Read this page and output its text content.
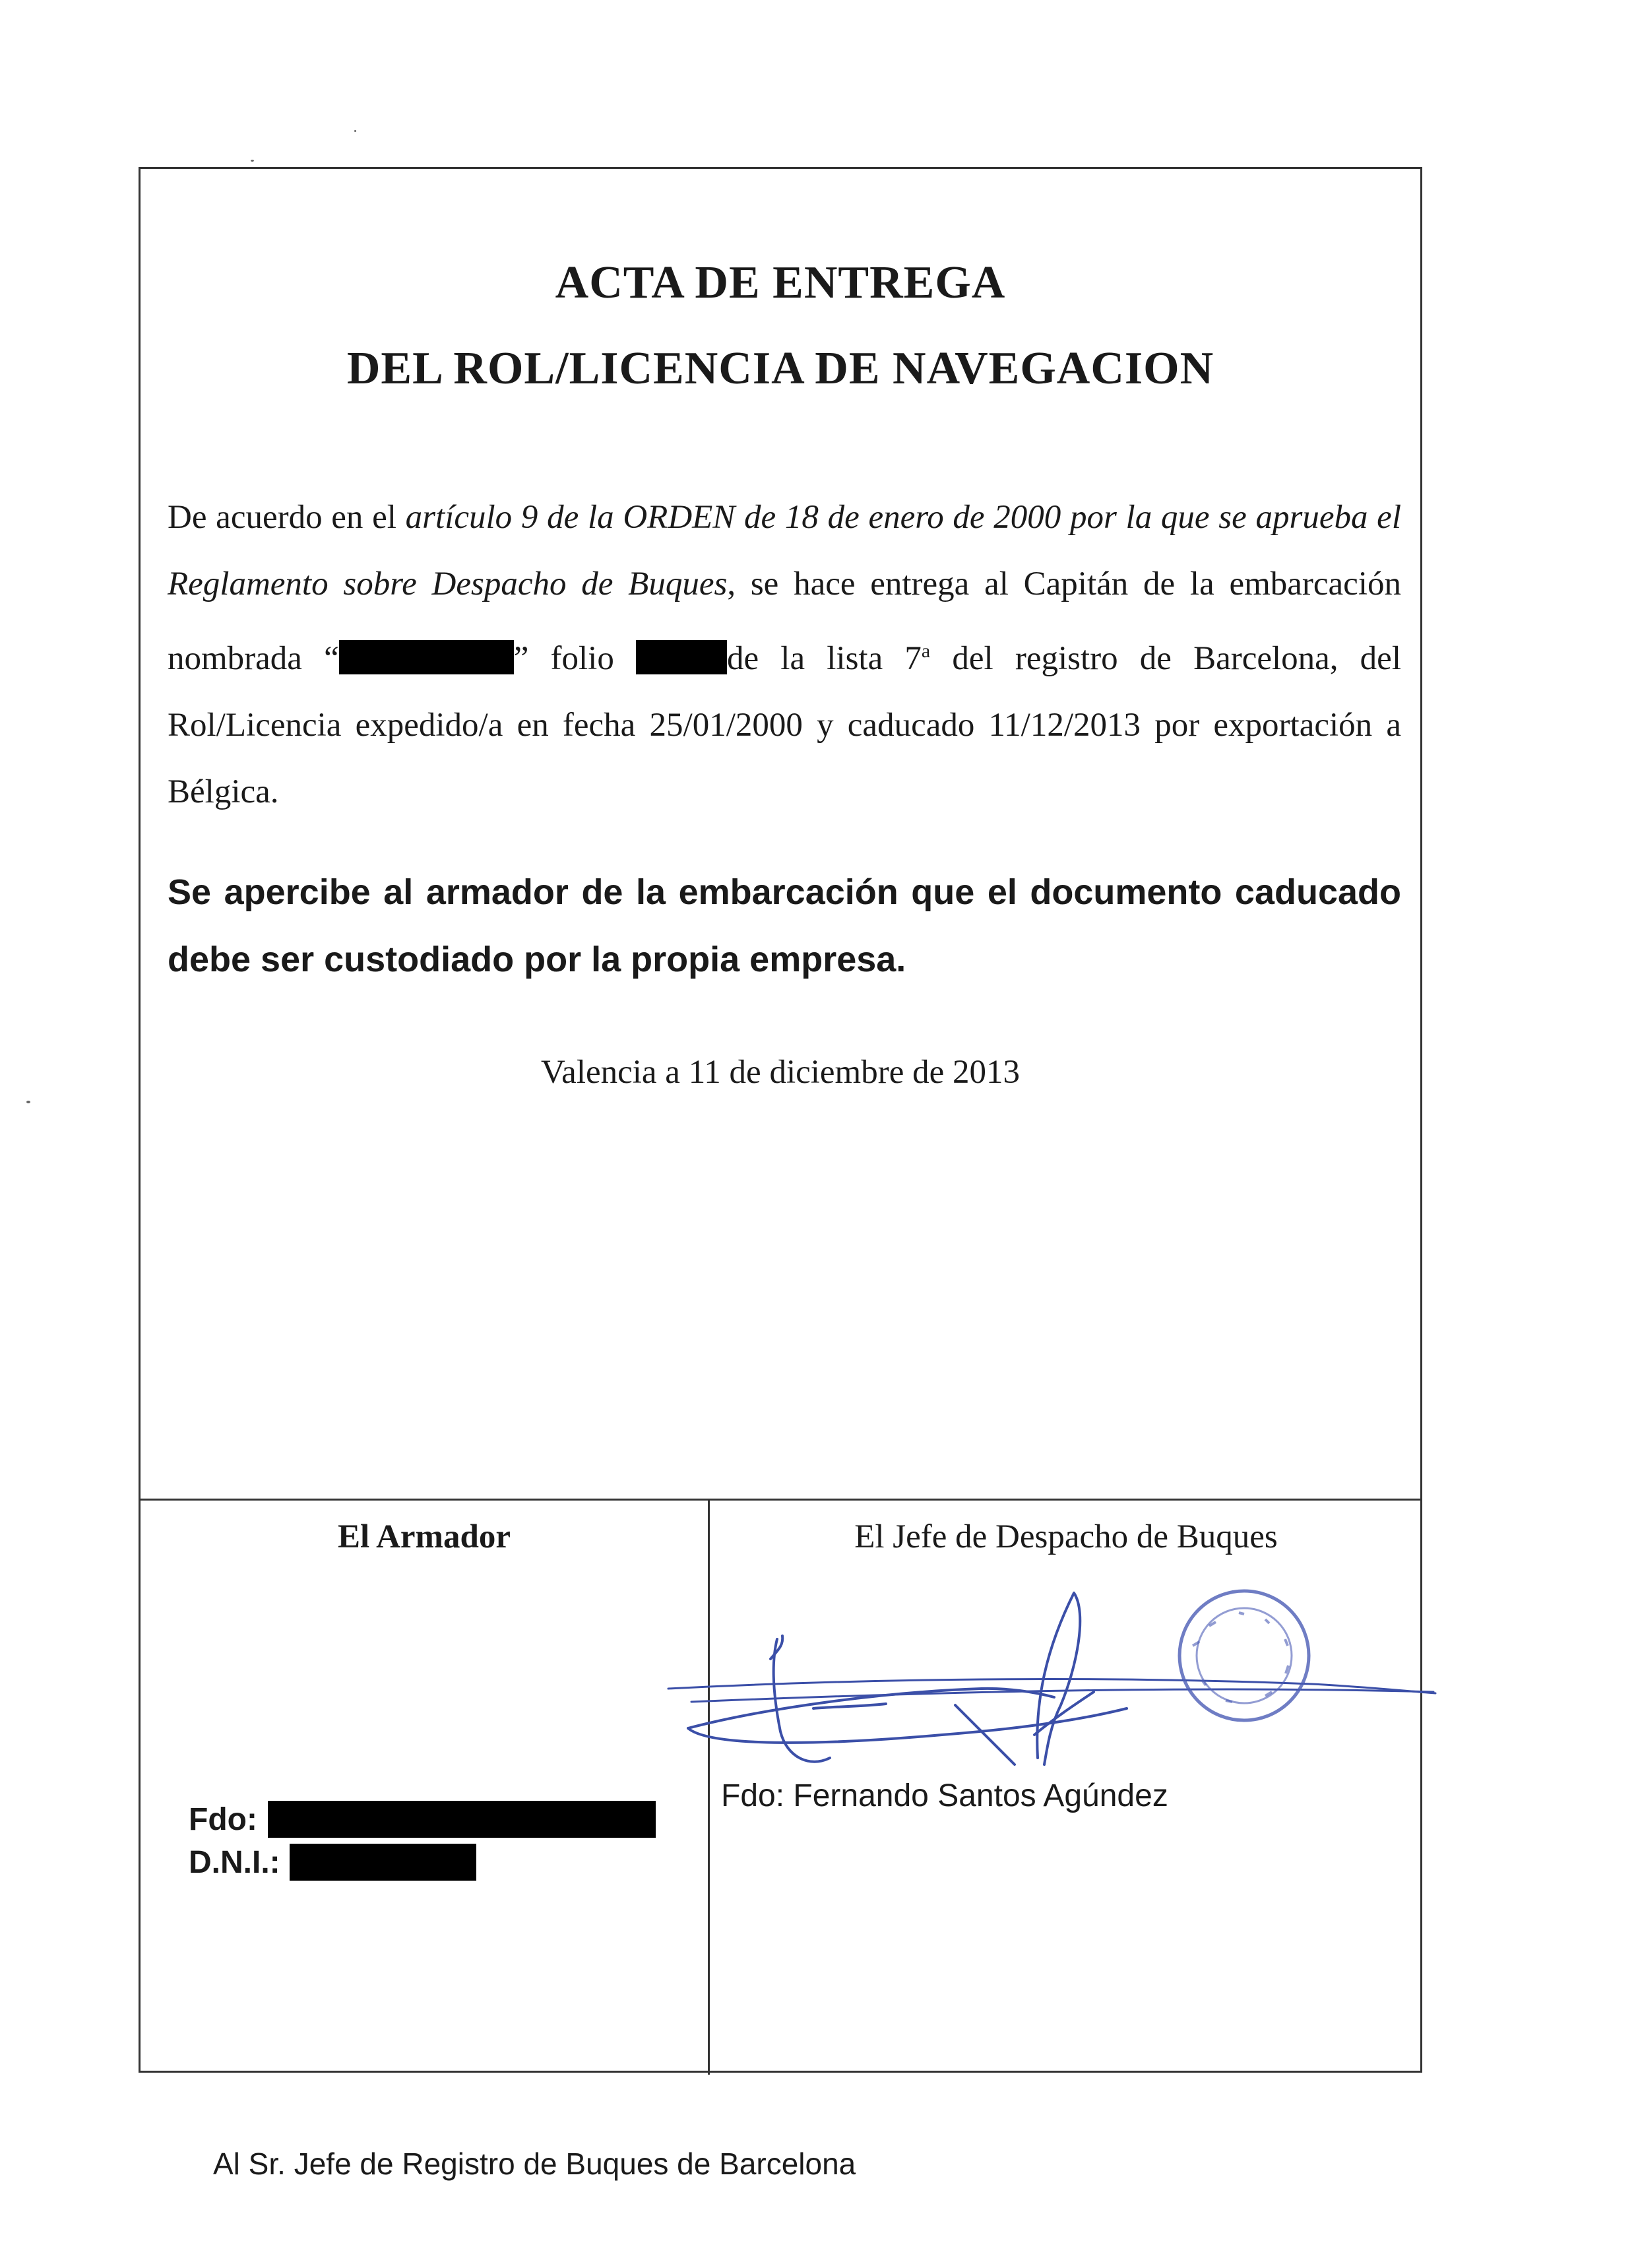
ACTA DE ENTREGA
DEL ROL/LICENCIA DE NAVEGACION
De acuerdo en el artículo 9 de la ORDEN de 18 de enero de 2000 por la que se aprueba el Reglamento sobre Despacho de Buques, se hace entrega al Capitán de la embarcación nombrada “	” folio	de la lista 7$^a$ del registro de Barcelona, del Rol/Licencia expedido/a en fecha 25/01/2000 y caducado 11/12/2013 por exportación a Bélgica.
Se apercibe al armador de la embarcación que el documento caducado debe ser custodiado por la propia empresa.
Valencia a 11 de diciembre de 2013
El Armador	El Jefe de Despacho de Buques
Fdo:
D.N.I.:
Fdo: Fernando Santos Agúndez
Al Sr. Jefe de Registro de Buques de Barcelona
